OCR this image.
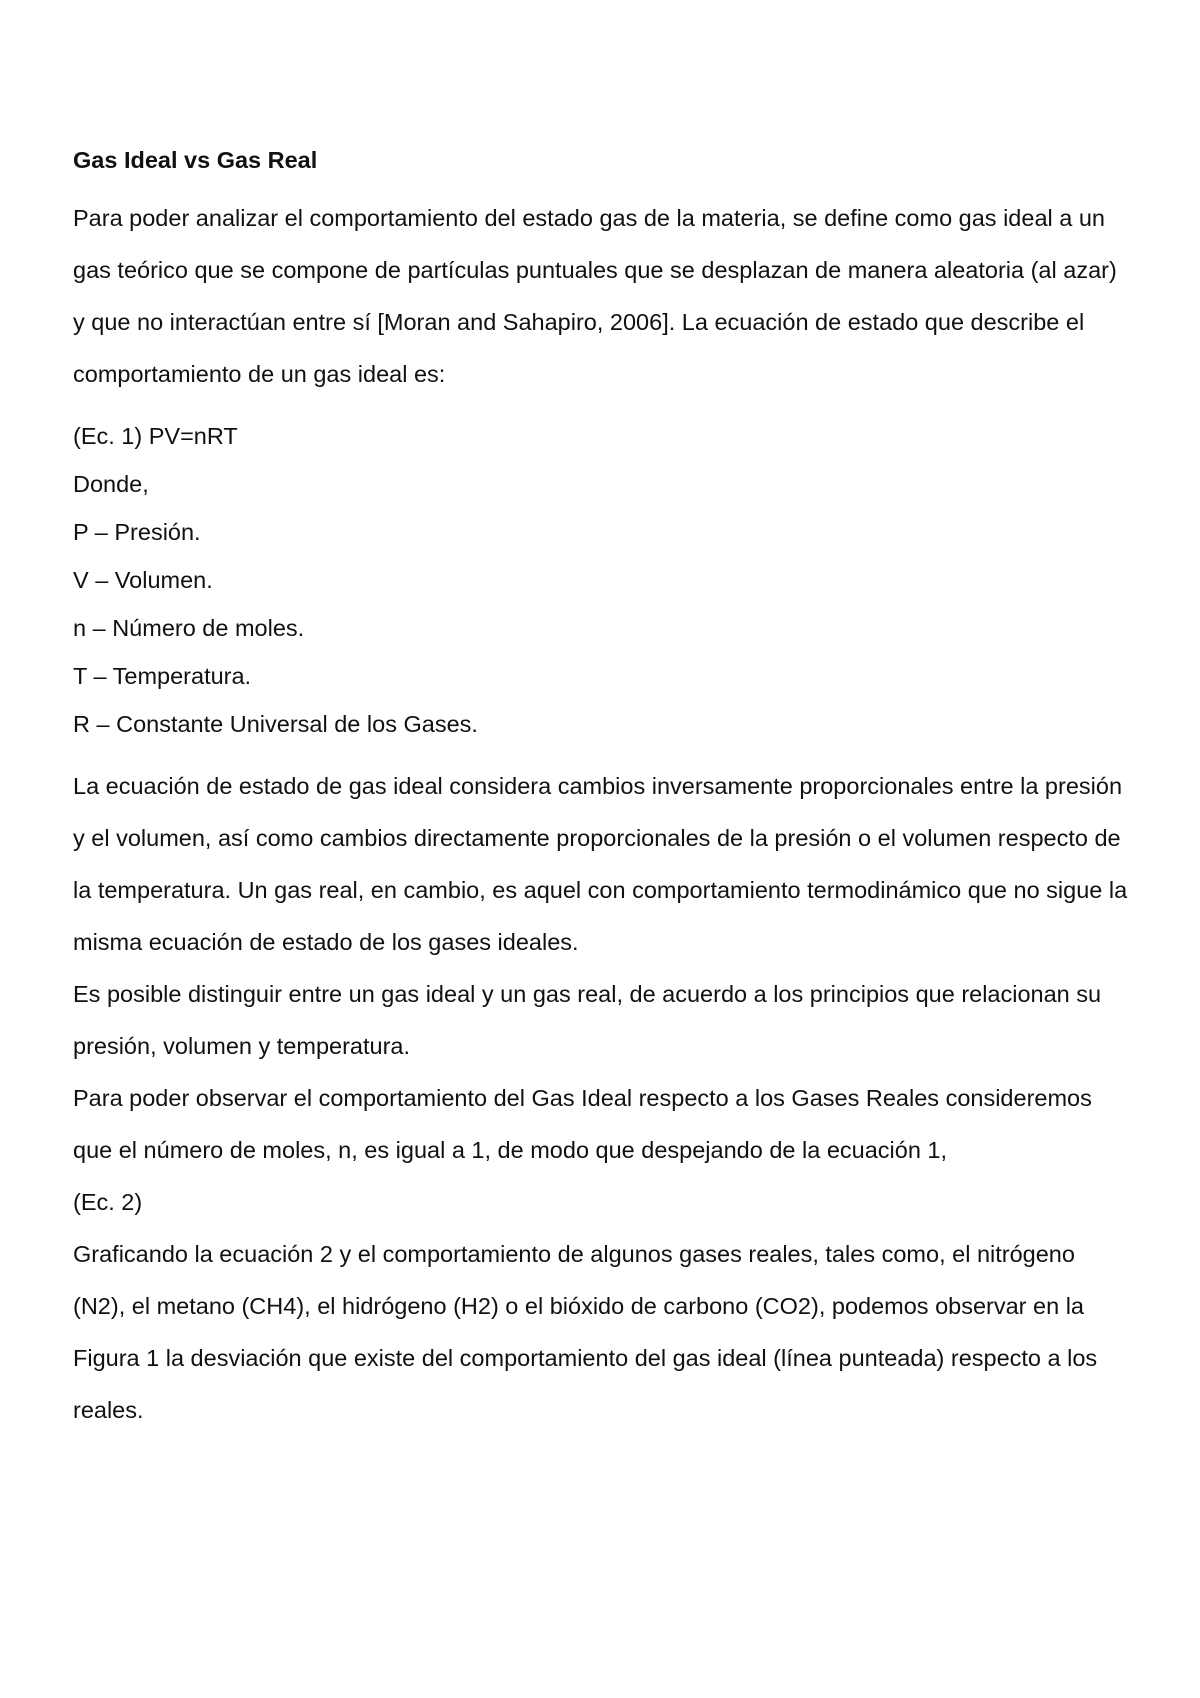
Gas Ideal vs Gas Real

Para poder analizar el comportamiento del estado gas de la materia, se define como gas ideal a un gas teórico que se compone de partículas puntuales que se desplazan de manera aleatoria (al azar) y que no interactúan entre sí [Moran and Sahapiro, 2006]. La ecuación de estado que describe el comportamiento de un gas ideal es:

(Ec. 1) PV=nRT

Donde,

P – Presión.

V – Volumen.

n – Número de moles.

T – Temperatura.

R – Constante Universal de los Gases.

La ecuación de estado de gas ideal considera cambios inversamente proporcionales entre la presión y el volumen, así como cambios directamente proporcionales de la presión o el volumen respecto de la temperatura. Un gas real, en cambio, es aquel con comportamiento termodinámico que no sigue la misma ecuación de estado de los gases ideales.

Es posible distinguir entre un gas ideal y un gas real, de acuerdo a los principios que relacionan su presión, volumen y temperatura.

Para poder observar el comportamiento del Gas Ideal respecto a los Gases Reales consideremos que el número de moles, n, es igual a 1, de modo que despejando de la ecuación 1,

(Ec. 2)

Graficando la ecuación 2 y el comportamiento de algunos gases reales, tales como, el nitrógeno (N2), el metano (CH4), el hidrógeno (H2) o el bióxido de carbono (CO2), podemos observar en la Figura 1 la desviación que existe del comportamiento del gas ideal (línea punteada) respecto a los reales.
